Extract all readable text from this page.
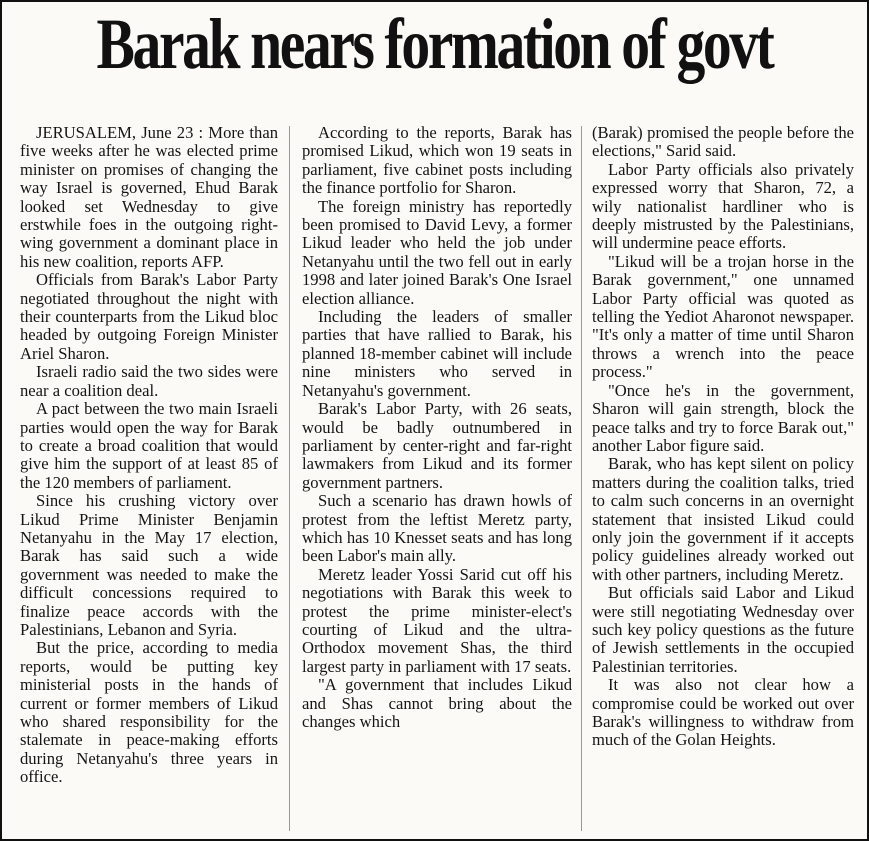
Barak nears formation of govt

JERUSALEM, June 23 : More than five weeks after he was elected prime minister on promises of changing the way Israel is governed, Ehud Barak looked set Wednesday to give erstwhile foes in the outgoing right-wing government a dominant place in his new coalition, reports AFP.

Officials from Barak's Labor Party negotiated throughout the night with their counterparts from the Likud bloc headed by outgoing Foreign Minister Ariel Sharon.

Israeli radio said the two sides were near a coalition deal.

A pact between the two main Israeli parties would open the way for Barak to create a broad coalition that would give him the support of at least 85 of the 120 members of parliament.

Since his crushing victory over Likud Prime Minister Benjamin Netanyahu in the May 17 election, Barak has said such a wide government was needed to make the difficult concessions required to finalize peace accords with the Palestinians, Lebanon and Syria.

But the price, according to media reports, would be putting key ministerial posts in the hands of current or former members of Likud who shared responsibility for the stalemate in peace-making efforts during Netanyahu's three years in office.

According to the reports, Barak has promised Likud, which won 19 seats in parliament, five cabinet posts including the finance portfolio for Sharon.

The foreign ministry has reportedly been promised to David Levy, a former Likud leader who held the job under Netanyahu until the two fell out in early 1998 and later joined Barak's One Israel election alliance.

Including the leaders of smaller parties that have rallied to Barak, his planned 18-member cabinet will include nine ministers who served in Netanyahu's government.

Barak's Labor Party, with 26 seats, would be badly outnumbered in parliament by center-right and far-right lawmakers from Likud and its former government partners.

Such a scenario has drawn howls of protest from the leftist Meretz party, which has 10 Knesset seats and has long been Labor's main ally.

Meretz leader Yossi Sarid cut off his negotiations with Barak this week to protest the prime minister-elect's courting of Likud and the ultra-Orthodox movement Shas, the third largest party in parliament with 17 seats.

"A government that includes Likud and Shas cannot bring about the changes which

(Barak) promised the people before the elections," Sarid said.

Labor Party officials also privately expressed worry that Sharon, 72, a wily nationalist hardliner who is deeply mistrusted by the Palestinians, will undermine peace efforts.

"Likud will be a trojan horse in the Barak government," one unnamed Labor Party official was quoted as telling the Yediot Aharonot newspaper. "It's only a matter of time until Sharon throws a wrench into the peace process."

"Once he's in the government, Sharon will gain strength, block the peace talks and try to force Barak out," another Labor figure said.

Barak, who has kept silent on policy matters during the coalition talks, tried to calm such concerns in an overnight statement that insisted Likud could only join the government if it accepts policy guidelines already worked out with other partners, including Meretz.

But officials said Labor and Likud were still negotiating Wednesday over such key policy questions as the future of Jewish settlements in the occupied Palestinian territories.

It was also not clear how a compromise could be worked out over Barak's willingness to withdraw from much of the Golan Heights.
